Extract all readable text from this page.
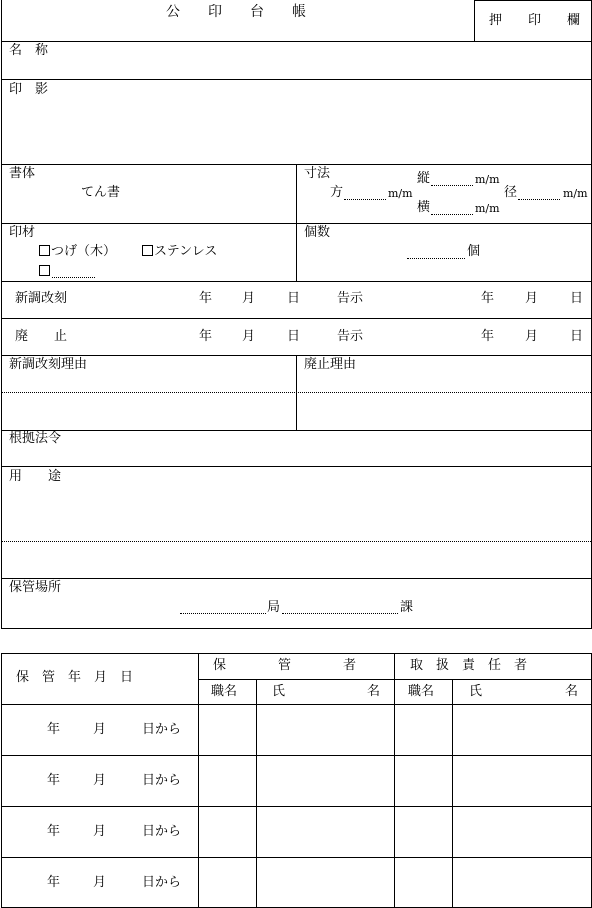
公　　印　　台　　帳
押　　印　　欄
名　称
印　影
書体
てん書
寸法	縦	m/m
方	m/m	径	m/m
横	m/m
印材
つげ（木）	ステンレス
個数
個
新調改刻	年 月 日	告示	年 月 日
廃　　止	年 月 日	告示	年 月 日
新調改刻理由	廃止理由
根拠法令
用　　途
保管場所
局	課
保　管　年　月　日
保　　　　管　　　　者	取　扱　責　任　者
職名	氏	名 職名	氏	名
年	月	日から
年	月	日から
年	月	日から
年	月	日から
